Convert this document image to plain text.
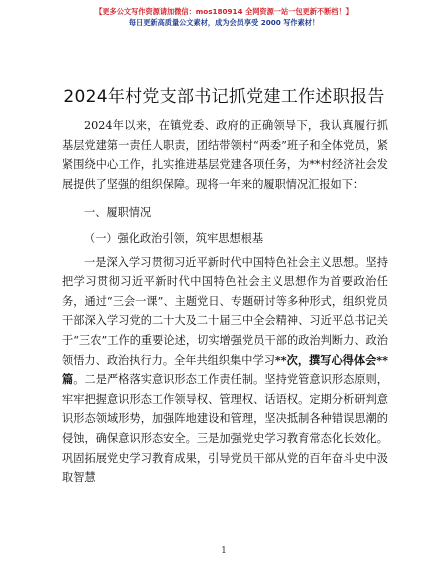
【更多公文写作资源请加微信：mos180914 全网资源一站一包更新不断档！】
每日更新高质量公文素材，成为会员享受 2000 写作素材！
2024年村党支部书记抓党建工作述职报告

2024年以来，在镇党委、政府的正确领导下，我认真履行抓基层党建第一责任人职责，团结带领村“两委”班子和全体党员，紧紧围绕中心工作，扎实推进基层党建各项任务，为**村经济社会发展提供了坚强的组织保障。现将一年来的履职情况汇报如下：

一、履职情况

（一）强化政治引领，筑牢思想根基

一是深入学习贯彻习近平新时代中国特色社会主义思想。坚持把学习贯彻习近平新时代中国特色社会主义思想作为首要政治任务，通过“三会一课”、主题党日、专题研讨等多种形式，组织党员干部深入学习党的二十大及二十届三中全会精神、习近平总书记关于“三农”工作的重要论述，切实增强党员干部的政治判断力、政治领悟力、政治执行力。全年共组织集中学习**次，撰写心得体会**篇。二是严格落实意识形态工作责任制。坚持党管意识形态原则，牢牢把握意识形态工作领导权、管理权、话语权。定期分析研判意识形态领域形势，加强阵地建设和管理，坚决抵制各种错误思潮的侵蚀，确保意识形态安全。三是加强党史学习教育常态化长效化。巩固拓展党史学习教育成果，引导党员干部从党的百年奋斗史中汲取智慧

1
